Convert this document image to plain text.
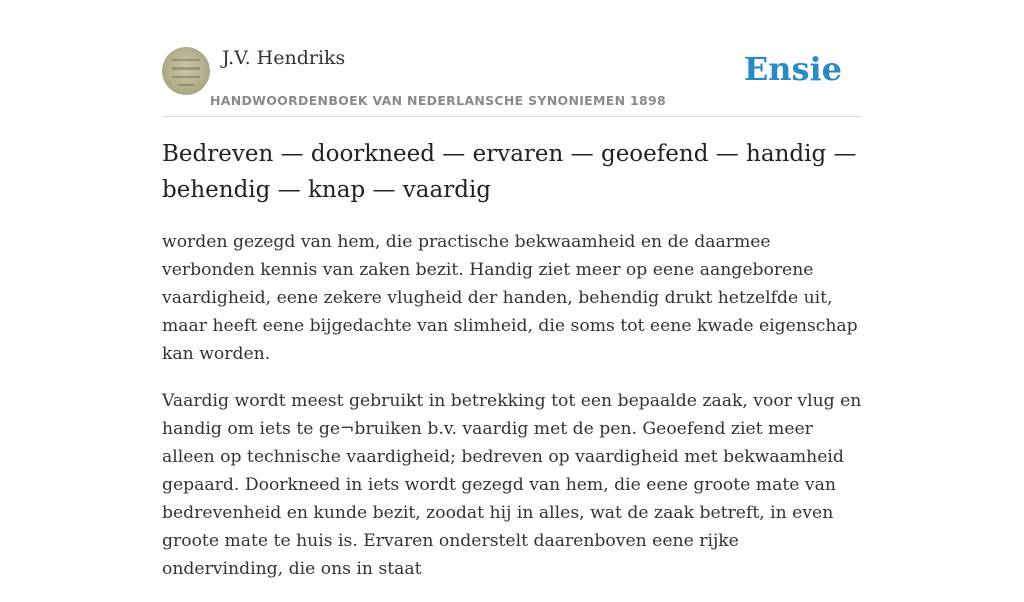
J.V. Hendriks
HANDWOORDENBOEK VAN NEDERLANSCHE SYNONIEMEN 1898
Ensie
Bedreven — doorkneed — ervaren — geoefend — handig — behendig — knap — vaardig

worden gezegd van hem, die practische bekwaamheid en de daarmee verbonden kennis van zaken bezit. Handig ziet meer op eene aangeborene vaardigheid, eene zekere vlugheid der handen, behendig drukt hetzelfde uit, maar heeft eene bijgedachte van slimheid, die soms tot eene kwade eigenschap kan worden.

Vaardig wordt meest gebruikt in betrekking tot een bepaalde zaak, voor vlug en handig om iets te ge¬bruiken b.v. vaardig met de pen. Geoefend ziet meer alleen op technische vaardigheid; bedreven op vaardigheid met bekwaamheid gepaard. Doorkneed in iets wordt gezegd van hem, die eene groote mate van bedrevenheid en kunde bezit, zoodat hij in alles, wat de zaak betreft, in even groote mate te huis is. Ervaren onderstelt daarenboven eene rijke ondervinding, die ons in staat
